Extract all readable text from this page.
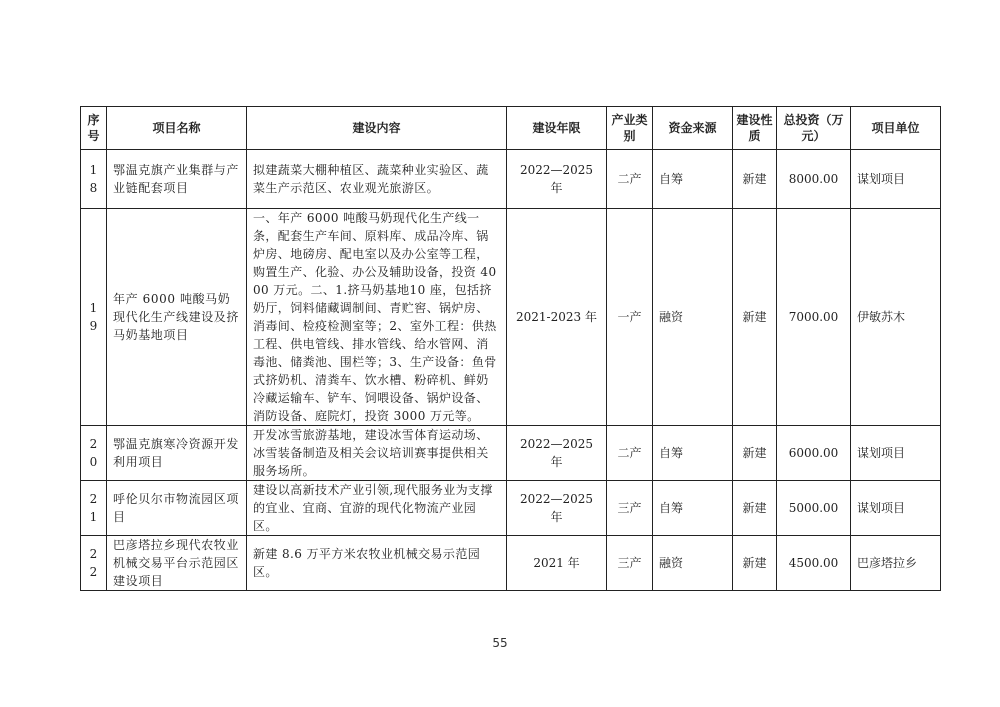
序号	项目名称	建设内容	建设年限	产业类别	资金来源	建设性质	总投资（万元）	项目单位
18	鄂温克旗产业集群与产业链配套项目	拟建蔬菜大棚种植区、蔬菜种业实验区、蔬菜生产示范区、农业观光旅游区。	2022—2025 年	二产	自筹	新建	8000.00	谋划项目
19	年产 6000 吨酸马奶现代化生产线建设及挤马奶基地项目	一、年产 6000 吨酸马奶现代化生产线一条，配套生产车间、原料库、成品冷库、锅炉房、地磅房、配电室以及办公室等工程，购置生产、化验、办公及辅助设备，投资 4000 万元。二、1.挤马奶基地10 座，包括挤奶厅，饲料储藏调制间、青贮窖、锅炉房、消毒间、检疫检测室等；2、室外工程：供热工程、供电管线、排水管线、给水管网、消毒池、储粪池、围栏等；3、生产设备：鱼骨式挤奶机、清粪车、饮水槽、粉碎机、鲜奶冷藏运输车、铲车、饲喂设备、锅炉设备、消防设备、庭院灯，投资 3000 万元等。	2021-2023 年	一产	融资	新建	7000.00	伊敏苏木
20	鄂温克旗寒冷资源开发利用项目	开发冰雪旅游基地，建设冰雪体育运动场、冰雪装备制造及相关会议培训赛事提供相关服务场所。	2022—2025 年	二产	自筹	新建	6000.00	谋划项目
21	呼伦贝尔市物流园区项目	建设以高新技术产业引领,现代服务业为支撑的宜业、宜商、宜游的现代化物流产业园区。	2022—2025 年	三产	自筹	新建	5000.00	谋划项目
22	巴彦塔拉乡现代农牧业机械交易平台示范园区建设项目	新建 8.6 万平方米农牧业机械交易示范园区。	2021 年	三产	融资	新建	4500.00	巴彦塔拉乡
55
